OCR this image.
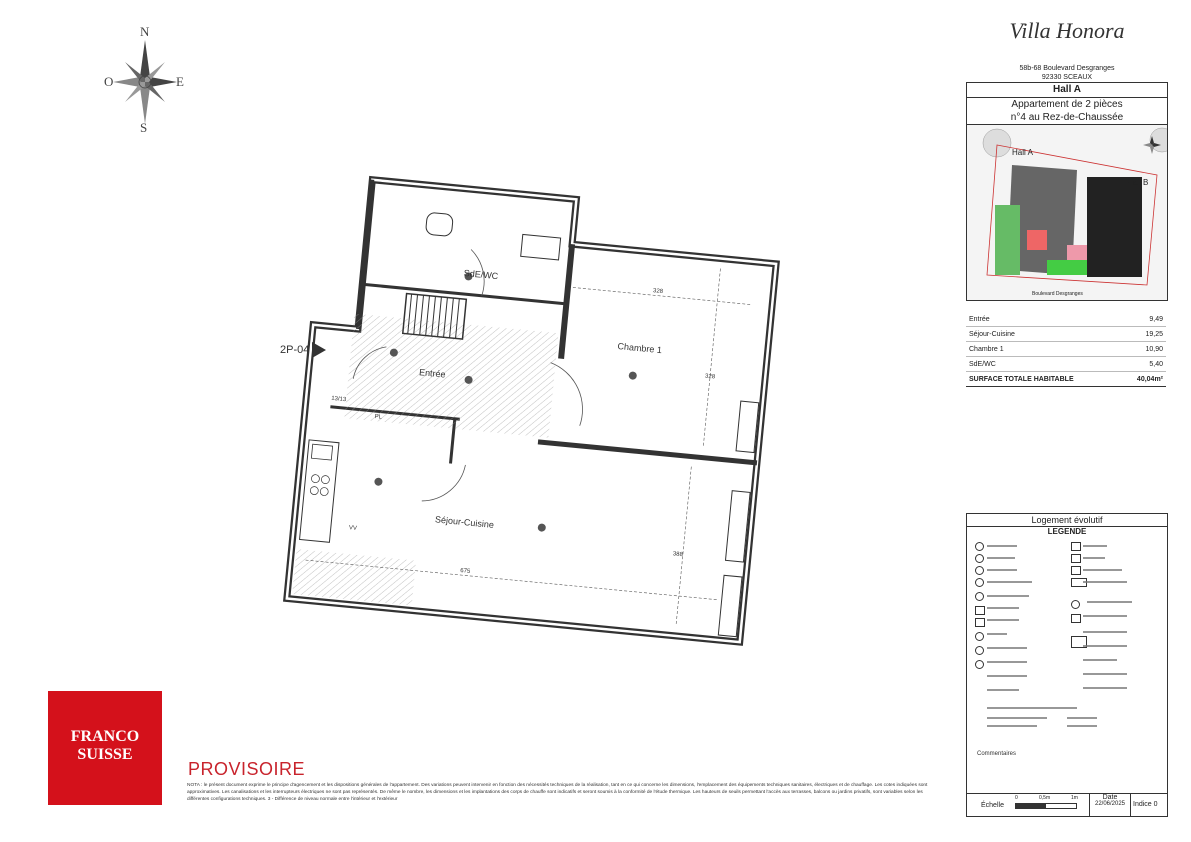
SdE/WC
Chambre 1
Entrée
Séjour-Cuisine
PL
13/13
328
328
675
388
VV
2P-04
N
S
E
O
Villa Honora
58b-68 Boulevard Desgranges
92330 SCEAUX
Hall A
Appartement de 2 pièces
n°4 au Rez-de-Chaussée
Hall A
Hall B
Boulevard Desgranges
Entrée	9,49
Séjour-Cuisine	19,25
Chambre 1	10,90
SdE/WC	5,40
SURFACE TOTALE HABITABLE	40,04m²
Logement évolutif
LEGENDE
Commentaires
Échelle
0	0,5m	1m	Date
22/06/2025	Indice 0
FRANCO
SUISSE
PROVISOIRE
NOTA : le présent document exprime le principe d'agencement et les dispositions générales de l'appartement. Des variations peuvent intervenir en fonction des nécessités techniques de la réalisation, tant en ce qui concerne les dimensions, l'emplacement des équipements techniques sanitaires, électriques et de chauffage. Les cotes indiquées sont approximatives. Les canalisations et les interrupteurs électriques ne sont pas représentés. De même le nombre, les dimensions et les implantations des corps de chauffe sont indicatifs et seront soumis à la conformité de l'étude thermique. Les hauteurs de seuils permettant l'accès aux terrasses, balcons ou jardins privatifs, sont variables selon les différentes configurations techniques. 3 - Différence de niveau normale entre l'intérieur et l'extérieur
